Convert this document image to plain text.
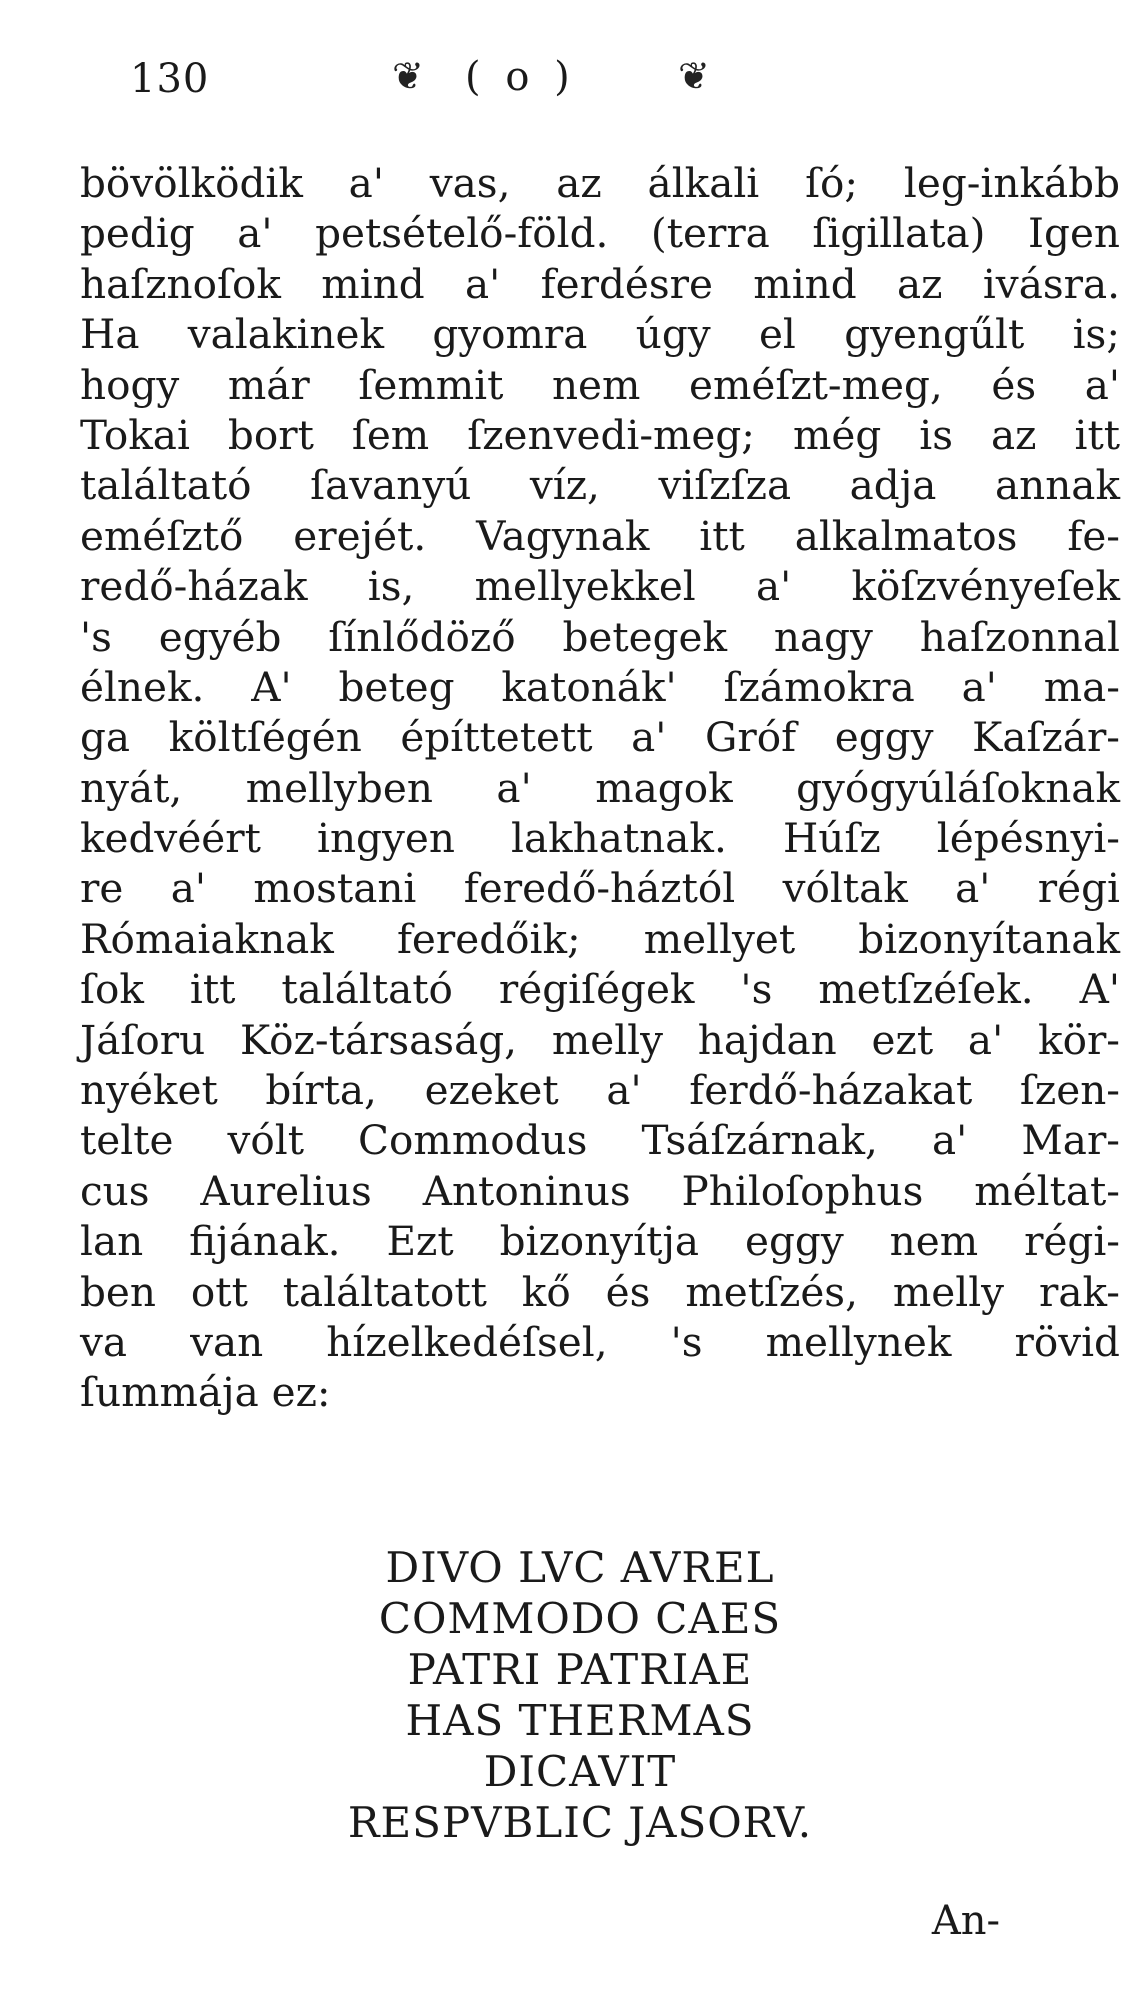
130	❦ ( o )	❦
bövölködik a' vas, az álkali ſó; leg-inkább
pedig a' petsételő-föld. (terra ſigillata) Igen
haſznoſok mind a' ferdésre mind az ivásra.
Ha valakinek gyomra úgy el gyengűlt is;
hogy már ſemmit nem eméſzt-meg, és a'
Tokai bort ſem ſzenvedi-meg; még is az itt
találtató ſavanyú víz, viſzſza adja annak
eméſztő erejét. Vagynak itt alkalmatos fe-
redő-házak is, mellyekkel a' köſzvényeſek
's egyéb ſínlődöző betegek nagy haſzonnal
élnek. A' beteg katonák' ſzámokra a' ma-
ga költſégén építtetett a' Gróf eggy Kaſzár-
nyát, mellyben a' magok gyógyúláſoknak
kedvéért ingyen lakhatnak. Húſz lépésnyi-
re a' mostani feredő-háztól vóltak a' régi
Rómaiaknak feredőik; mellyet bizonyítanak
ſok itt találtató régiſégek 's metſzéſek. A'
Jáſoru Köz-társaság, melly hajdan ezt a' kör-
nyéket bírta, ezeket a' ferdő-házakat ſzen-
telte vólt Commodus Tsáſzárnak, a' Mar-
cus Aurelius Antoninus Philoſophus méltat-
lan fijának. Ezt bizonyítja eggy nem régi-
ben ott találtatott kő és metſzés, melly rak-
va van hízelkedéſsel, 's mellynek rövid
ſummája ez:
DIVO LVC AVREL
COMMODO CAES
PATRI PATRIAE
HAS THERMAS
DICAVIT
RESPVBLIC JASORV.
An-
